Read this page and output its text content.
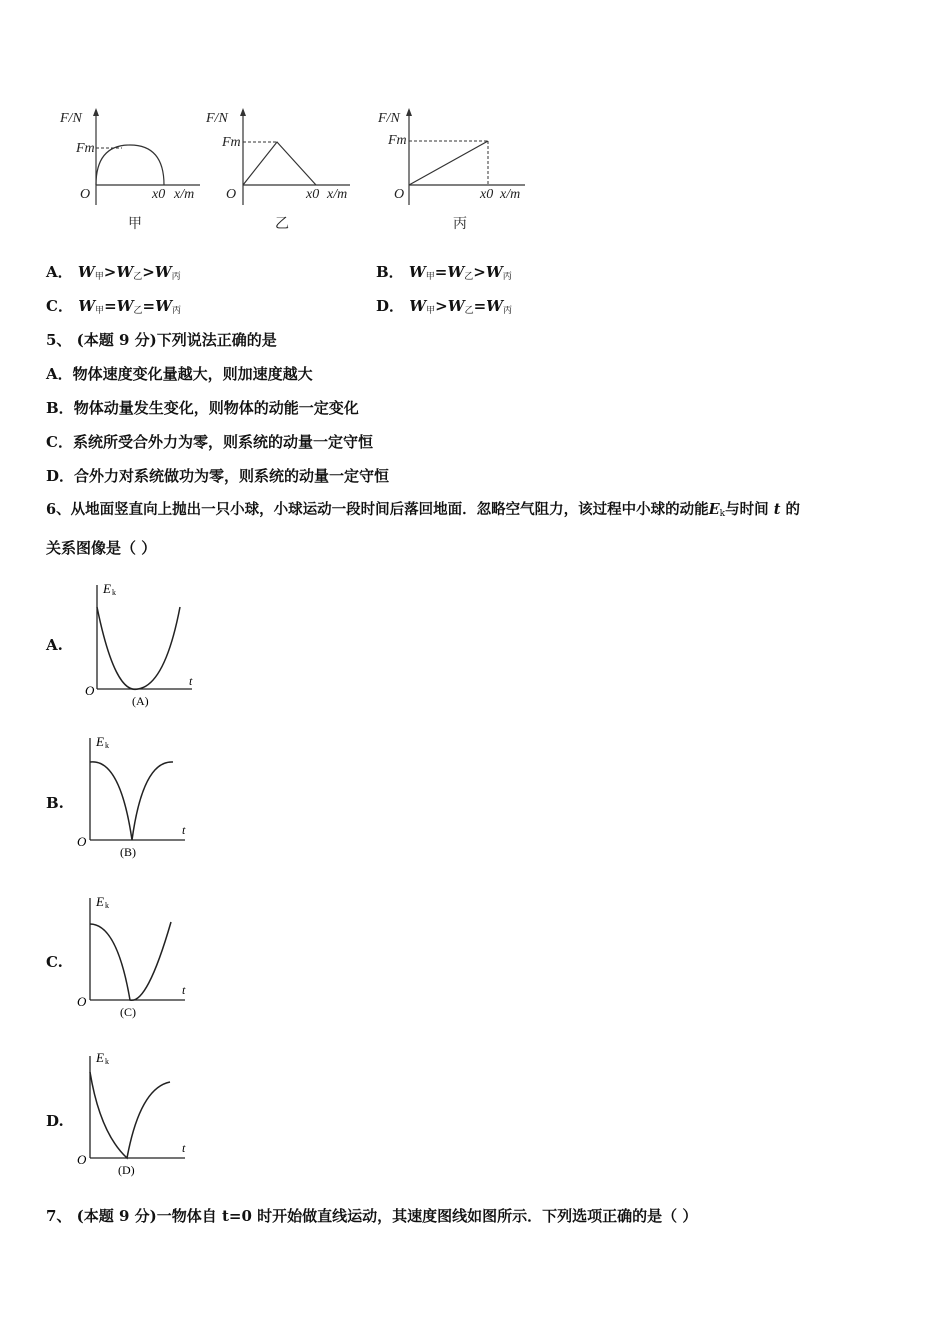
F/N
Fm
O	x0 x/m
甲
F/N
Fm
O	x0 x/m
乙
F/N
Fm
O	x0 x/m
丙
A． $W_甲>W_乙>W_丙$	B． $W_甲=W_乙>W_丙$
C． $W_甲=W_乙=W_丙$	D． $W_甲>W_乙=W_丙$
5、 (本题 9 分)下列说法正确的是
A．物体速度变化量越大，则加速度越大
B．物体动量发生变化，则物体的动能一定变化
C．系统所受合外力为零，则系统的动量一定守恒
D．合外力对系统做功为零，则系统的动量一定守恒
6、从地面竖直向上抛出一只小球，小球运动一段时间后落回地面．忽略空气阻力，该过程中小球的动能$E_k$与时间 t 的
关系图像是（ ）
A.
E k
O
t
(A)
B.
E k
O
t
(B)
C.
E k
O
t
(C)
D.
E k
O
t
(D)
7、 (本题 9 分)一物体自 t=0 时开始做直线运动，其速度图线如图所示．下列选项正确的是（ ）
